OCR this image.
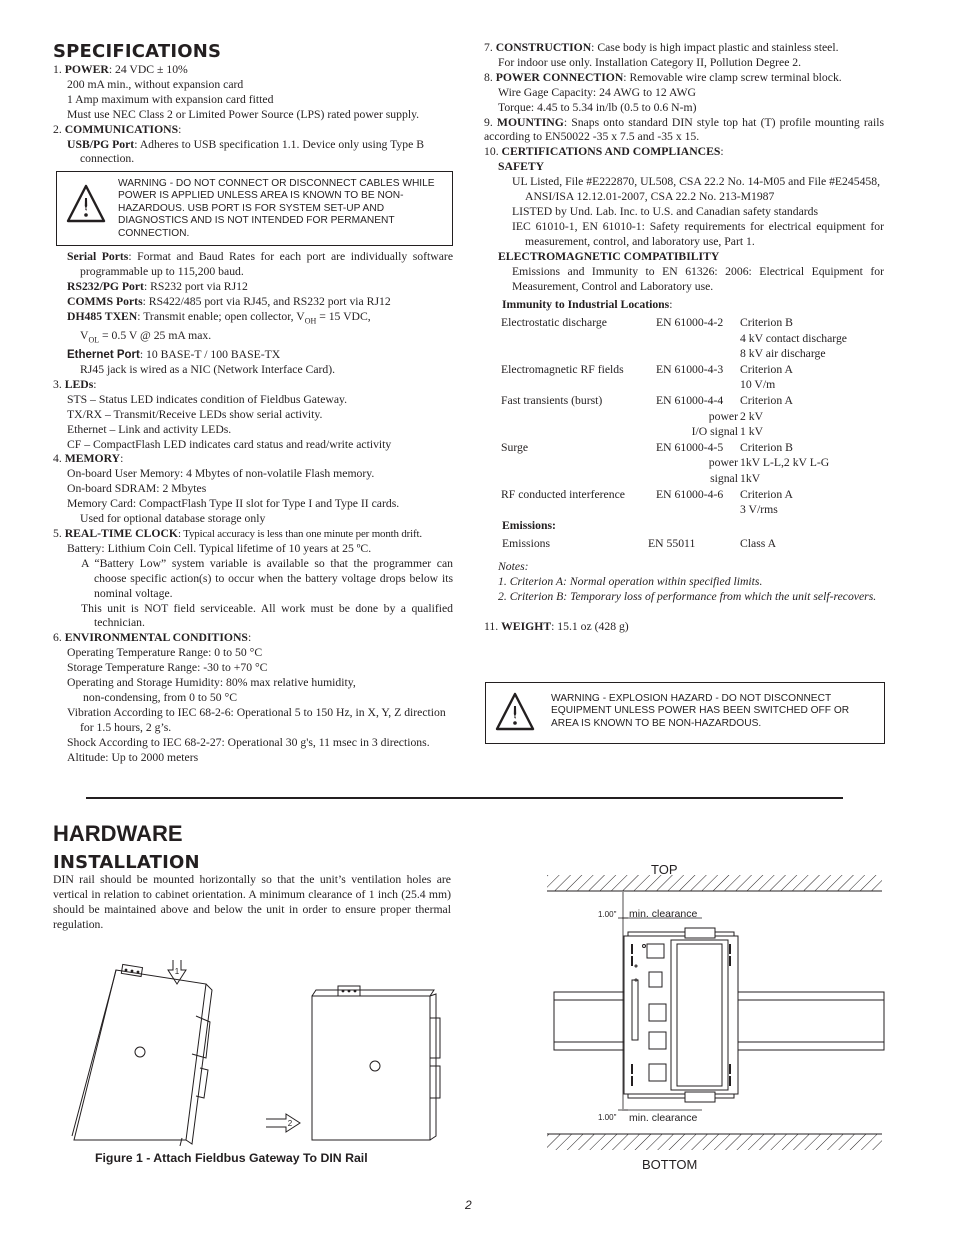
SPECIFICATIONS
1. POWER: 24 VDC ± 10%
200 mA min., without expansion card
1 Amp maximum with expansion card fitted
Must use NEC Class 2 or Limited Power Source (LPS) rated power supply.
2. COMMUNICATIONS:
USB/PG Port: Adheres to USB specification 1.1. Device only using Type B connection.
WARNING - DO NOT CONNECT OR DISCONNECT CABLES WHILE POWER IS APPLIED UNLESS AREA IS KNOWN TO BE NON-HAZARDOUS. USB PORT IS FOR SYSTEM SET-UP AND DIAGNOSTICS AND IS NOT INTENDED FOR PERMANENT CONNECTION.
Serial Ports: Format and Baud Rates for each port are individually software programmable up to 115,200 baud.
RS232/PG Port: RS232 port via RJ12
COMMS Ports: RS422/485 port via RJ45, and RS232 port via RJ12
DH485 TXEN: Transmit enable; open collector, $V_{OH} = 15$ VDC,
$V_{OL} = 0.5$ V @ 25 mA max.
Ethernet Port: 10 BASE-T / 100 BASE-TX
RJ45 jack is wired as a NIC (Network Interface Card).
3. LEDs:
STS – Status LED indicates condition of Fieldbus Gateway.
TX/RX – Transmit/Receive LEDs show serial activity.
Ethernet – Link and activity LEDs.
CF – CompactFlash LED indicates card status and read/write activity
4. MEMORY:
On-board User Memory: 4 Mbytes of non-volatile Flash memory.
On-board SDRAM: 2 Mbytes
Memory Card: CompactFlash Type II slot for Type I and Type II cards.
Used for optional database storage only
5. REAL-TIME CLOCK: Typical accuracy is less than one minute per month drift.
Battery: Lithium Coin Cell. Typical lifetime of 10 years at 25 ºC.
A “Battery Low” system variable is available so that the programmer can choose specific action(s) to occur when the battery voltage drops below its nominal voltage.
This unit is NOT field serviceable. All work must be done by a qualified technician.
6. ENVIRONMENTAL CONDITIONS:
Operating Temperature Range: 0 to 50 °C
Storage Temperature Range: -30 to +70 °C
Operating and Storage Humidity: 80% max relative humidity,
non-condensing, from 0 to 50 °C
Vibration According to IEC 68-2-6: Operational 5 to 150 Hz, in X, Y, Z direction for 1.5 hours, 2 g’s.
Shock According to IEC 68-2-27: Operational 30 g's, 11 msec in 3 directions.
Altitude: Up to 2000 meters
7. CONSTRUCTION: Case body is high impact plastic and stainless steel.
For indoor use only. Installation Category II, Pollution Degree 2.
8. POWER CONNECTION: Removable wire clamp screw terminal block.
Wire Gage Capacity: 24 AWG to 12 AWG
Torque: 4.45 to 5.34 in/lb (0.5 to 0.6 N-m)
9. MOUNTING: Snaps onto standard DIN style top hat (T) profile mounting rails according to EN50022 -35 x 7.5 and -35 x 15.
10. CERTIFICATIONS AND COMPLIANCES:
SAFETY
UL Listed, File #E222870, UL508, CSA 22.2 No. 14-M05 and File #E245458, ANSI/ISA 12.12.01-2007, CSA 22.2 No. 213-M1987
LISTED by Und. Lab. Inc. to U.S. and Canadian safety standards
IEC 61010-1, EN 61010-1: Safety requirements for electrical equipment for measurement, control, and laboratory use, Part 1.
ELECTROMAGNETIC COMPATIBILITY
Emissions and Immunity to EN 61326: 2006: Electrical Equipment for Measurement, Control and Laboratory use.
Immunity to Industrial Locations:
Electrostatic discharge	EN 61000-4-2	Criterion B
		4 kV contact discharge
		8 kV air discharge

Electromagnetic RF fields	EN 61000-4-3	Criterion A
		10 V/m

Fast transients (burst)	EN 61000-4-4	Criterion A
	power	2 kV
	I/O signal	1 kV

Surge	EN 61000-4-5	Criterion B
	power	1kV L-L,2 kV L-G
	signal	1kV

RF conducted interference	EN 61000-4-6	Criterion A
		3 V/rms
Emissions:
Emissions	EN 55011	Class A
Notes:
1. Criterion A: Normal operation within specified limits.
2. Criterion B: Temporary loss of performance from which the unit self-recovers.
11. WEIGHT: 15.1 oz (428 g)
WARNING - EXPLOSION HAZARD - DO NOT DISCONNECT EQUIPMENT UNLESS POWER HAS BEEN SWITCHED OFF OR AREA IS KNOWN TO BE NON-HAZARDOUS.
HARDWARE
INSTALLATION
DIN rail should be mounted horizontally so that the unit’s ventilation holes are vertical in relation to cabinet orientation. A minimum clearance of 1 inch (25.4 mm) should be maintained above and below the unit in order to ensure proper thermal regulation.
1
2
Figure 1 - Attach Fieldbus Gateway To DIN Rail
TOP
BOTTOM
1.00"
1.00"
min. clearance
min. clearance
2
